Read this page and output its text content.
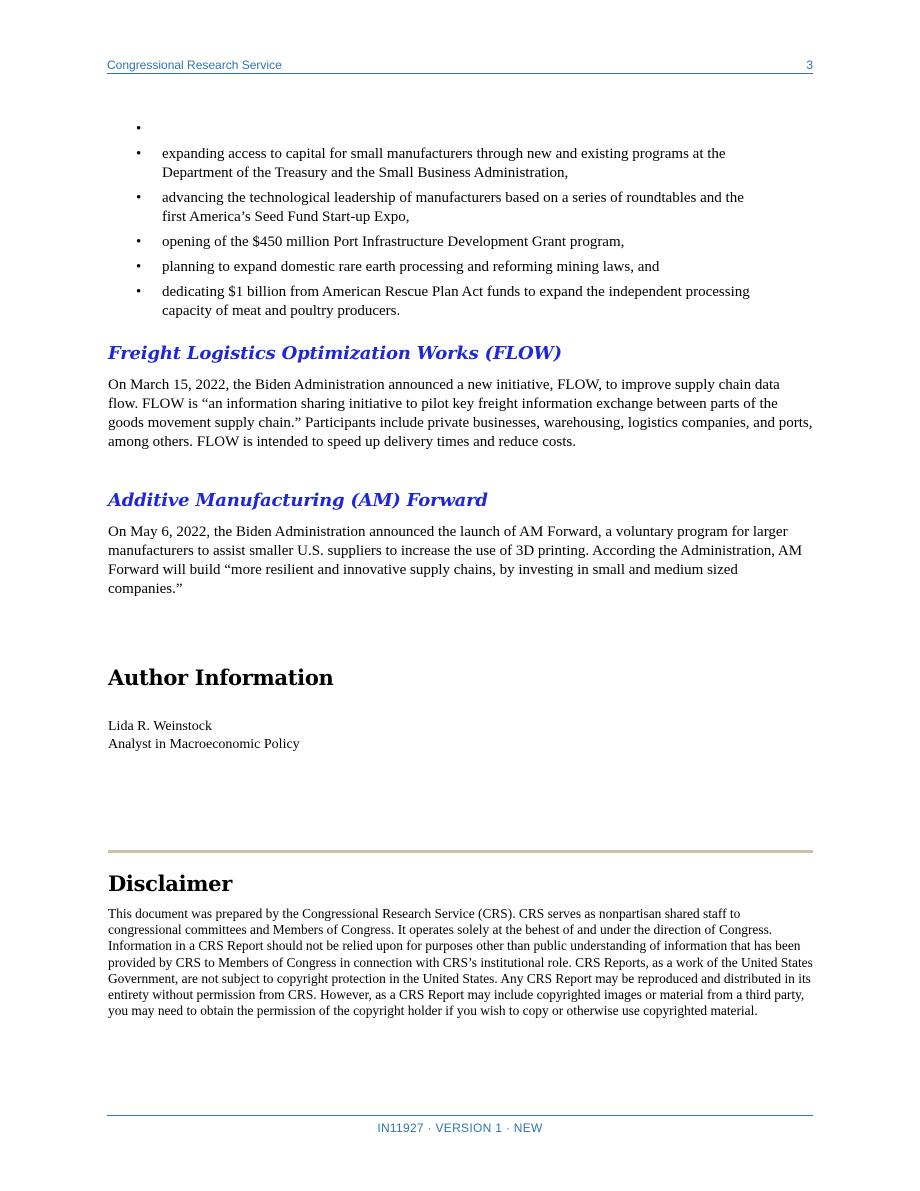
Congressional Research Service	3
•
• expanding access to capital for small manufacturers through new and existing programs at the Department of the Treasury and the Small Business Administration,
• advancing the technological leadership of manufacturers based on a series of roundtables and the first America’s Seed Fund Start-up Expo,
• opening of the $450 million Port Infrastructure Development Grant program,
• planning to expand domestic rare earth processing and reforming mining laws, and
• dedicating $1 billion from American Rescue Plan Act funds to expand the independent processing capacity of meat and poultry producers.
Freight Logistics Optimization Works (FLOW)

On March 15, 2022, the Biden Administration announced a new initiative, FLOW, to improve supply chain data flow. FLOW is “an information sharing initiative to pilot key freight information exchange between parts of the goods movement supply chain.” Participants include private businesses, warehousing, logistics companies, and ports, among others. FLOW is intended to speed up delivery times and reduce costs.

Additive Manufacturing (AM) Forward

On May 6, 2022, the Biden Administration announced the launch of AM Forward, a voluntary program for larger manufacturers to assist smaller U.S. suppliers to increase the use of 3D printing. According the Administration, AM Forward will build “more resilient and innovative supply chains, by investing in small and medium sized companies.”

Author Information
Lida R. Weinstock
Analyst in Macroeconomic Policy
Disclaimer

This document was prepared by the Congressional Research Service (CRS). CRS serves as nonpartisan shared staff to congressional committees and Members of Congress. It operates solely at the behest of and under the direction of Congress. Information in a CRS Report should not be relied upon for purposes other than public understanding of information that has been provided by CRS to Members of Congress in connection with CRS’s institutional role. CRS Reports, as a work of the United States Government, are not subject to copyright protection in the United States. Any CRS Report may be reproduced and distributed in its entirety without permission from CRS. However, as a CRS Report may include copyrighted images or material from a third party, you may need to obtain the permission of the copyright holder if you wish to copy or otherwise use copyrighted material.

IN11927 · VERSION 1 · NEW
